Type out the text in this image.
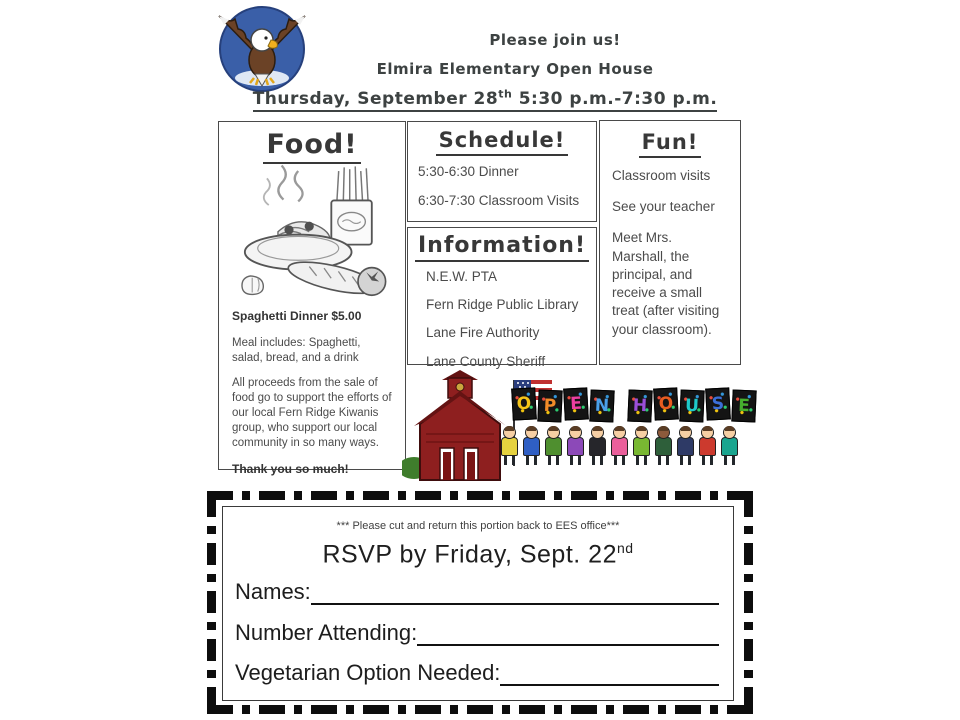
Please join us!
Elmira Elementary Open House
Thursday, September 28th 5:30 p.m.-7:30 p.m.
Food!
Spaghetti Dinner $5.00
Meal includes: Spaghetti, salad, bread, and a drink
All proceeds from the sale of food go to support the efforts of our local Fern Ridge Kiwanis group, who support our local community in so many ways.
Thank you so much!
Schedule!
5:30-6:30 Dinner
6:30-7:30 Classroom Visits
Information!
N.E.W. PTA
Fern Ridge Public Library
Lane Fire Authority
Lane County Sheriff
Fun!
Classroom visits
See your teacher
Meet Mrs. Marshall, the principal, and receive a small treat (after visiting your classroom).
O P E N H O U S E
*** Please cut and return this portion back to EES office***
RSVP by Friday, Sept. 22nd
Names:
Number Attending:
Vegetarian Option Needed:
